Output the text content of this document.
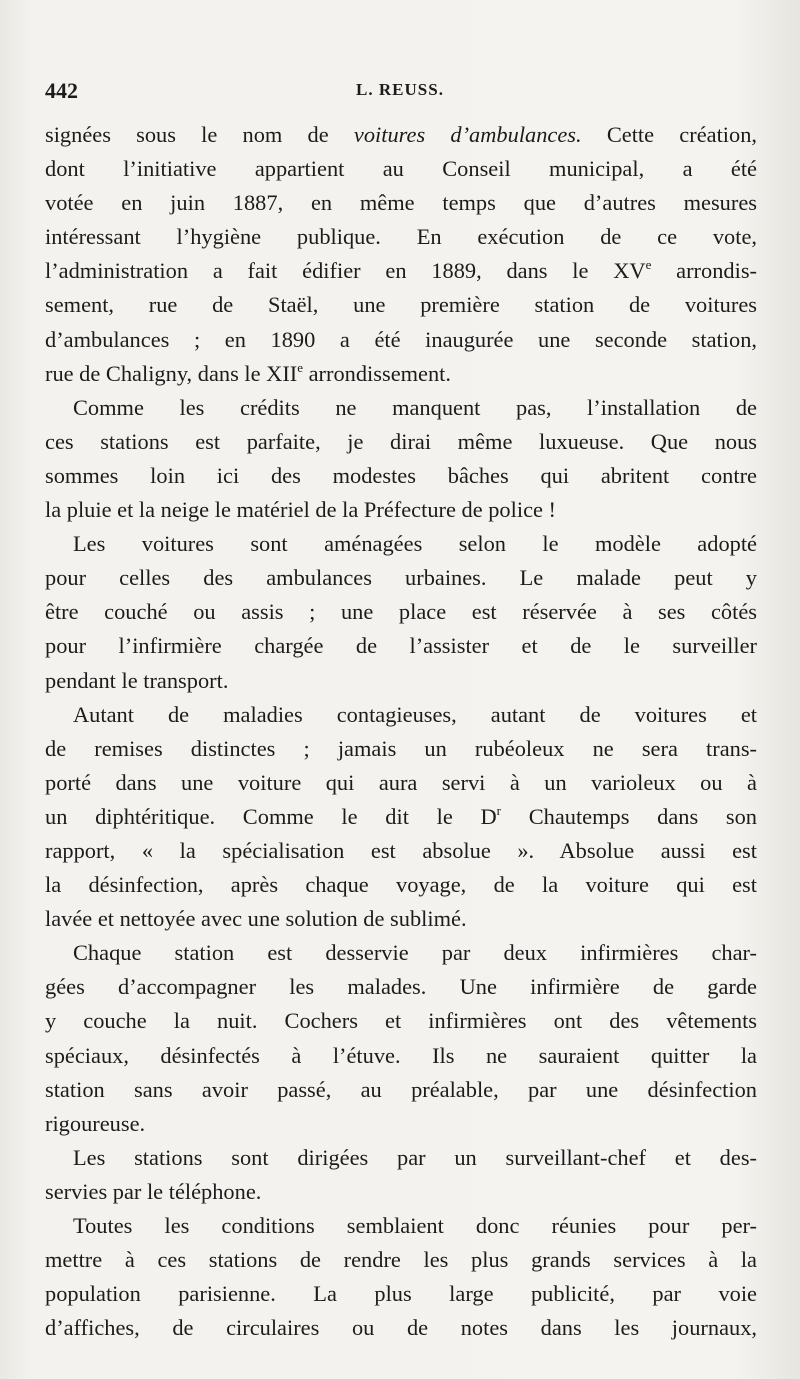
442	L. REUSS.
signées sous le nom de voitures d’ambulances. Cette création,
dont l’initiative appartient au Conseil municipal, a été
votée en juin 1887, en même temps que d’autres mesures
intéressant l’hygiène publique. En exécution de ce vote,
l’administration a fait édifier en 1889, dans le XVe arrondis-
sement, rue de Staël, une première station de voitures
d’ambulances ; en 1890 a été inaugurée une seconde station,
rue de Chaligny, dans le XIIe arrondissement.
Comme les crédits ne manquent pas, l’installation de
ces stations est parfaite, je dirai même luxueuse. Que nous
sommes loin ici des modestes bâches qui abritent contre
la pluie et la neige le matériel de la Préfecture de police !
Les voitures sont aménagées selon le modèle adopté
pour celles des ambulances urbaines. Le malade peut y
être couché ou assis ; une place est réservée à ses côtés
pour l’infirmière chargée de l’assister et de le surveiller
pendant le transport.
Autant de maladies contagieuses, autant de voitures et
de remises distinctes ; jamais un rubéoleux ne sera trans-
porté dans une voiture qui aura servi à un varioleux ou à
un diphtéritique. Comme le dit le $D^r$ Chautemps dans son
rapport, « la spécialisation est absolue ». Absolue aussi est
la désinfection, après chaque voyage, de la voiture qui est
lavée et nettoyée avec une solution de sublimé.
Chaque station est desservie par deux infirmières char-
gées d’accompagner les malades. Une infirmière de garde
y couche la nuit. Cochers et infirmières ont des vêtements
spéciaux, désinfectés à l’étuve. Ils ne sauraient quitter la
station sans avoir passé, au préalable, par une désinfection
rigoureuse.
Les stations sont dirigées par un surveillant-chef et des-
servies par le téléphone.
Toutes les conditions semblaient donc réunies pour per-
mettre à ces stations de rendre les plus grands services à la
population parisienne. La plus large publicité, par voie
d’affiches, de circulaires ou de notes dans les journaux,
